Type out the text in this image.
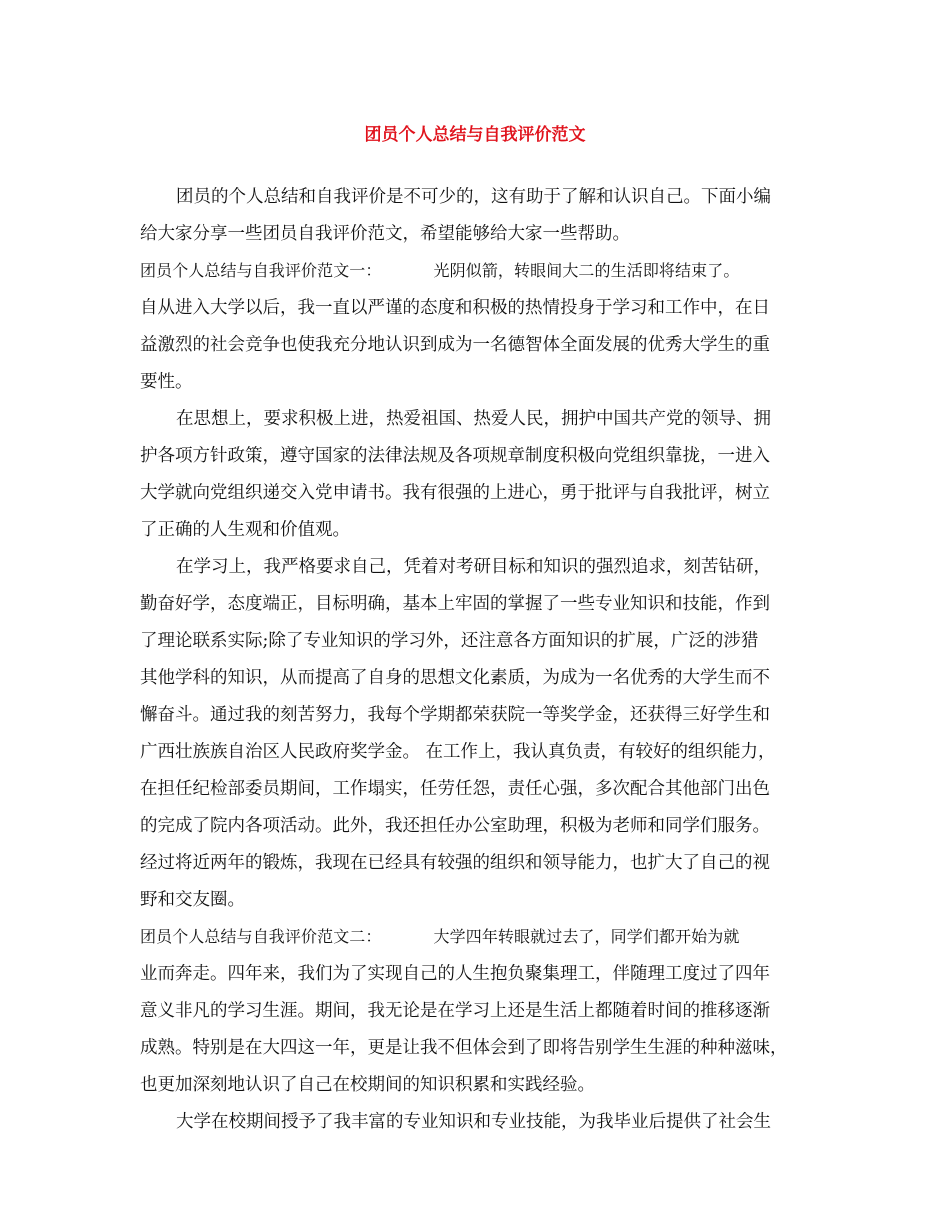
团员个人总结与自我评价范文
团员的个人总结和自我评价是不可少的，这有助于了解和认识自己。下面小编
给大家分享一些团员自我评价范文，希望能够给大家一些帮助。
团员个人总结与自我评价范文一：	光阴似箭，转眼间大二的生活即将结束了。
自从进入大学以后，我一直以严谨的态度和积极的热情投身于学习和工作中，在日
益激烈的社会竞争也使我充分地认识到成为一名德智体全面发展的优秀大学生的重
要性。
在思想上，要求积极上进，热爱祖国、热爱人民，拥护中国共产党的领导、拥
护各项方针政策，遵守国家的法律法规及各项规章制度积极向党组织靠拢，一进入
大学就向党组织递交入党申请书。我有很强的上进心，勇于批评与自我批评，树立
了正确的人生观和价值观。
在学习上，我严格要求自己，凭着对考研目标和知识的强烈追求，刻苦钻研，
勤奋好学，态度端正，目标明确，基本上牢固的掌握了一些专业知识和技能，作到
了理论联系实际;除了专业知识的学习外，还注意各方面知识的扩展，广泛的涉猎
其他学科的知识，从而提高了自身的思想文化素质，为成为一名优秀的大学生而不
懈奋斗。通过我的刻苦努力，我每个学期都荣获院一等奖学金，还获得三好学生和
广西壮族族自治区人民政府奖学金。 在工作上，我认真负责，有较好的组织能力，
在担任纪检部委员期间，工作塌实，任劳任怨，责任心强，多次配合其他部门出色
的完成了院内各项活动。此外，我还担任办公室助理，积极为老师和同学们服务。
经过将近两年的锻炼，我现在已经具有较强的组织和领导能力，也扩大了自己的视
野和交友圈。
团员个人总结与自我评价范文二：	大学四年转眼就过去了，同学们都开始为就
业而奔走。四年来，我们为了实现自己的人生抱负聚集理工，伴随理工度过了四年
意义非凡的学习生涯。期间，我无论是在学习上还是生活上都随着时间的推移逐渐
成熟。特别是在大四这一年，更是让我不但体会到了即将告别学生生涯的种种滋味，
也更加深刻地认识了自己在校期间的知识积累和实践经验。
大学在校期间授予了我丰富的专业知识和专业技能，为我毕业后提供了社会生
